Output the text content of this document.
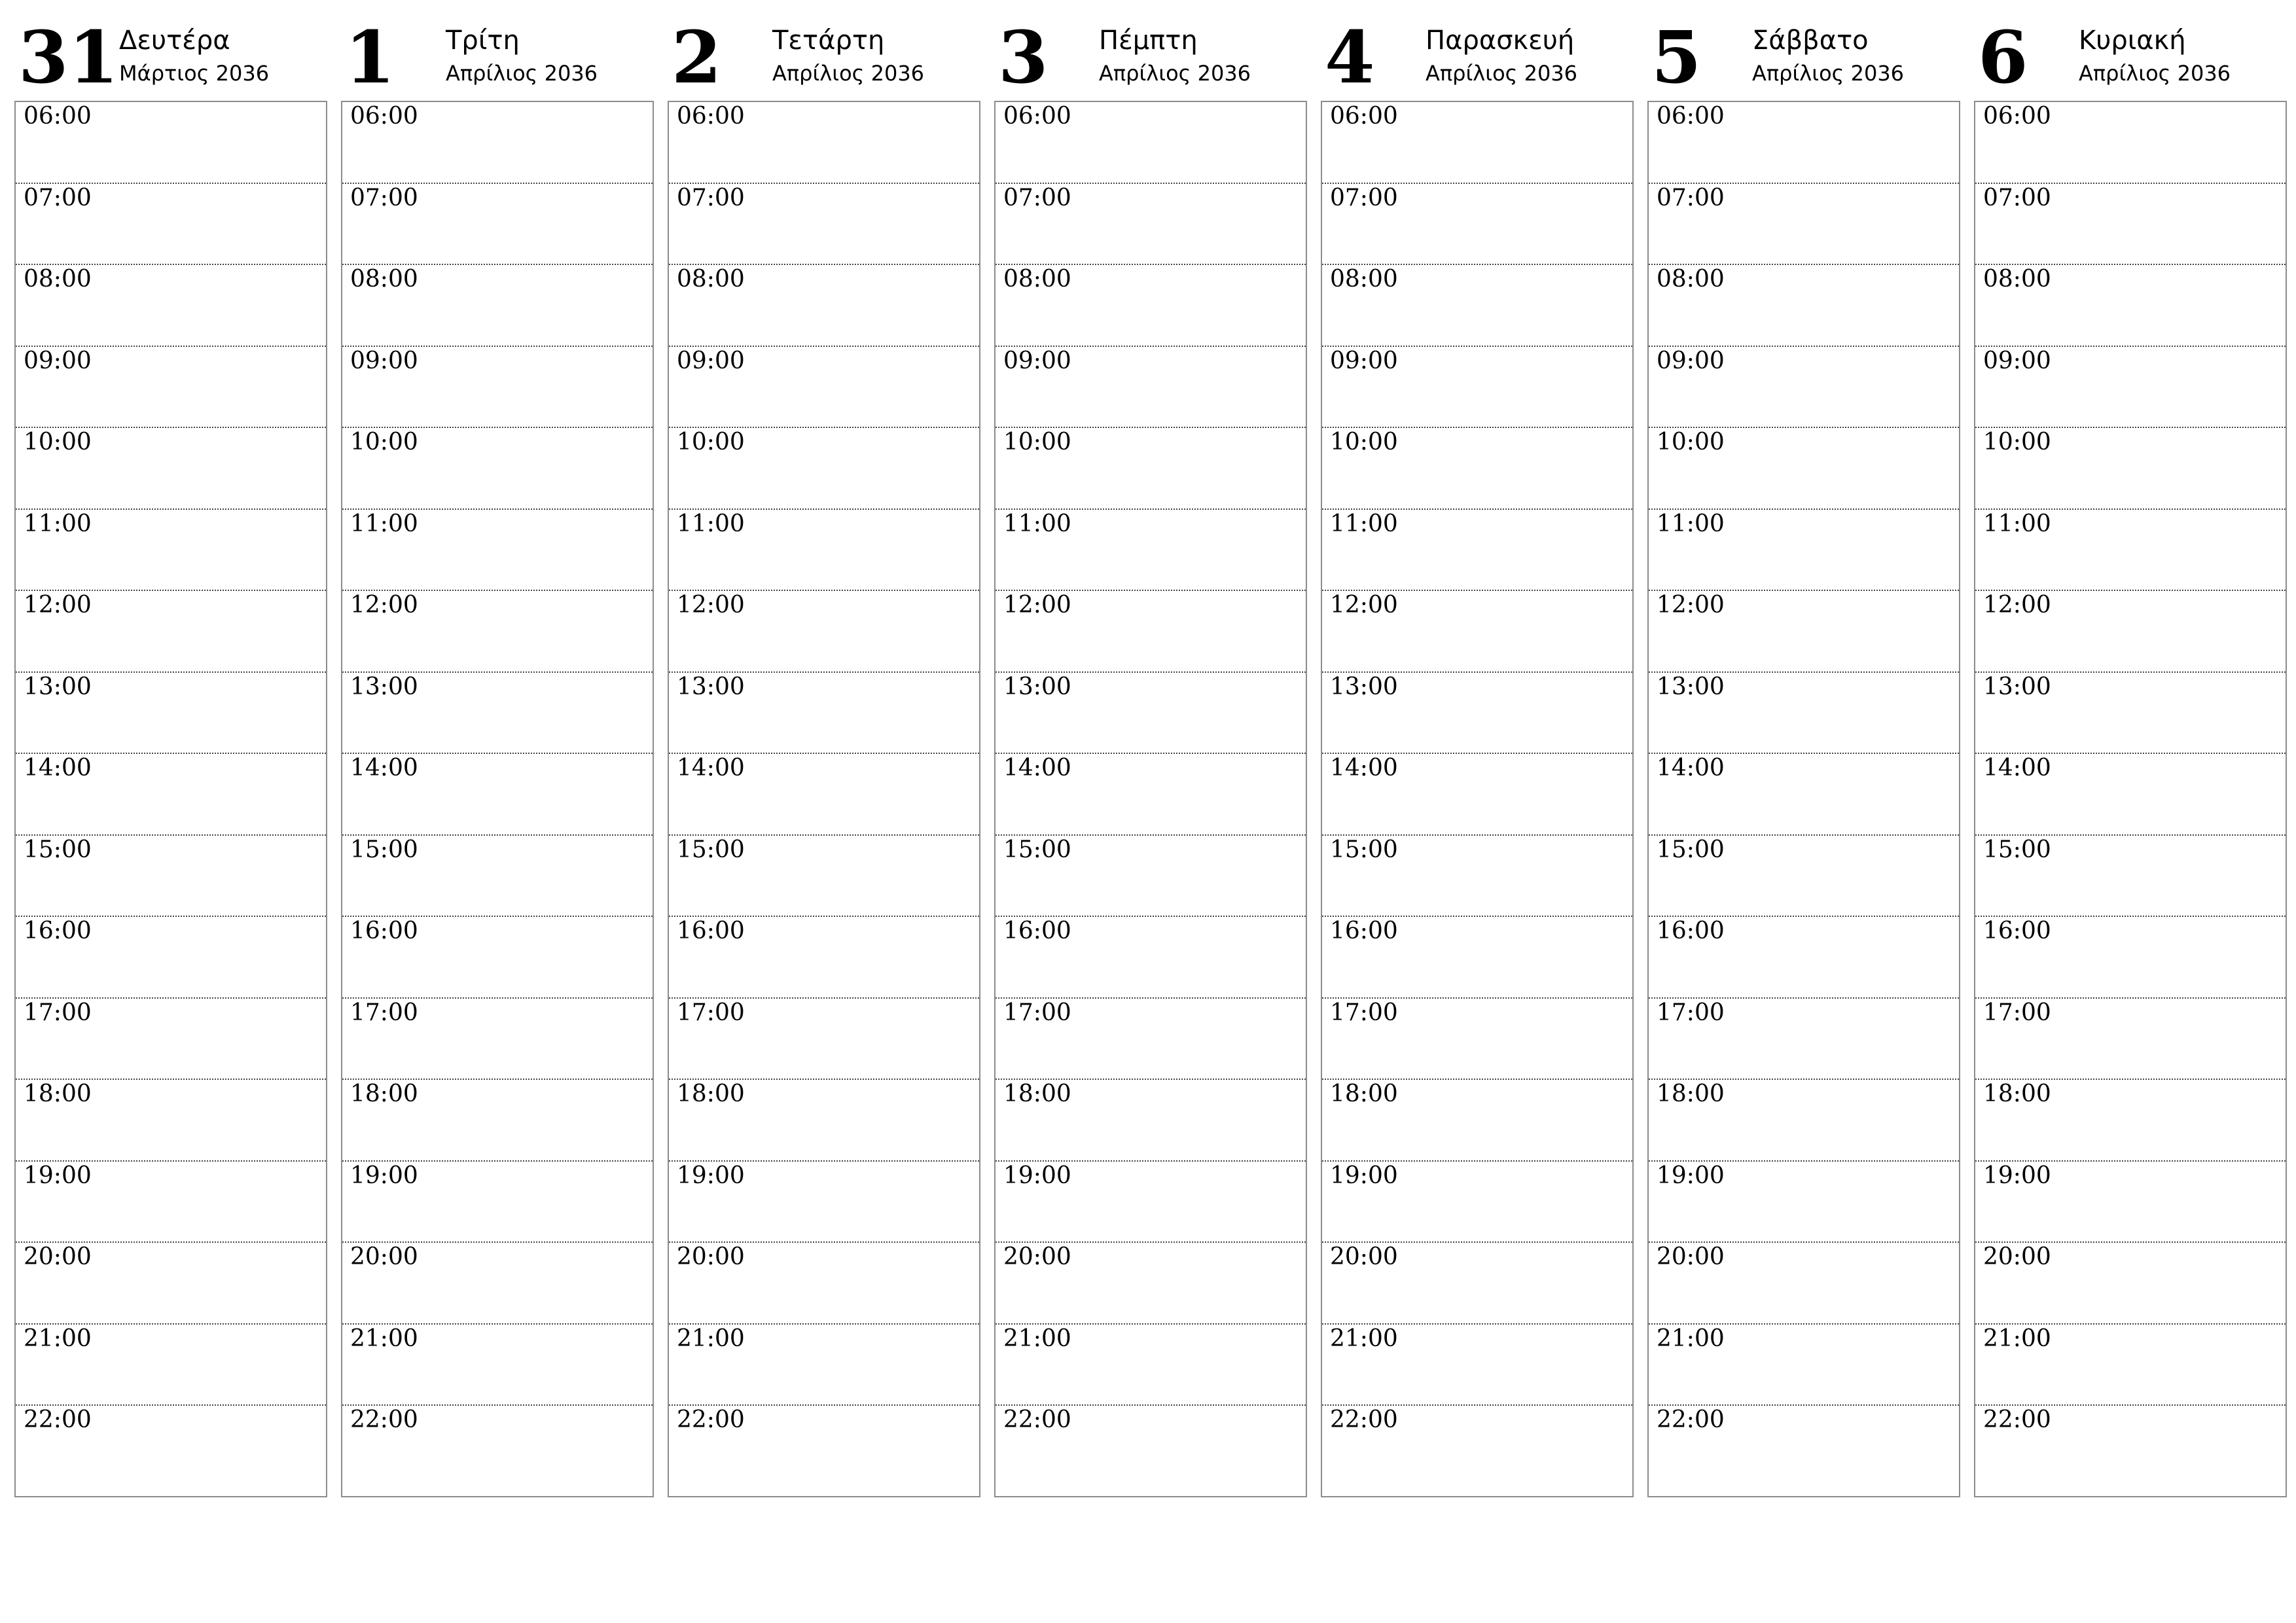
31 Δευτέρα
Μάρτιος 2036
06:00
07:00
08:00
09:00
10:00
11:00
12:00
13:00
14:00
15:00
16:00
17:00
18:00
19:00
20:00
21:00
22:00
1 Τρίτη
Απρίλιος 2036
06:00
07:00
08:00
09:00
10:00
11:00
12:00
13:00
14:00
15:00
16:00
17:00
18:00
19:00
20:00
21:00
22:00
2 Τετάρτη
Απρίλιος 2036
06:00
07:00
08:00
09:00
10:00
11:00
12:00
13:00
14:00
15:00
16:00
17:00
18:00
19:00
20:00
21:00
22:00
3 Πέμπτη
Απρίλιος 2036
06:00
07:00
08:00
09:00
10:00
11:00
12:00
13:00
14:00
15:00
16:00
17:00
18:00
19:00
20:00
21:00
22:00
4 Παρασκευή
Απρίλιος 2036
06:00
07:00
08:00
09:00
10:00
11:00
12:00
13:00
14:00
15:00
16:00
17:00
18:00
19:00
20:00
21:00
22:00
5 Σάββατο
Απρίλιος 2036
06:00
07:00
08:00
09:00
10:00
11:00
12:00
13:00
14:00
15:00
16:00
17:00
18:00
19:00
20:00
21:00
22:00
6 Κυριακή
Απρίλιος 2036
06:00
07:00
08:00
09:00
10:00
11:00
12:00
13:00
14:00
15:00
16:00
17:00
18:00
19:00
20:00
21:00
22:00
